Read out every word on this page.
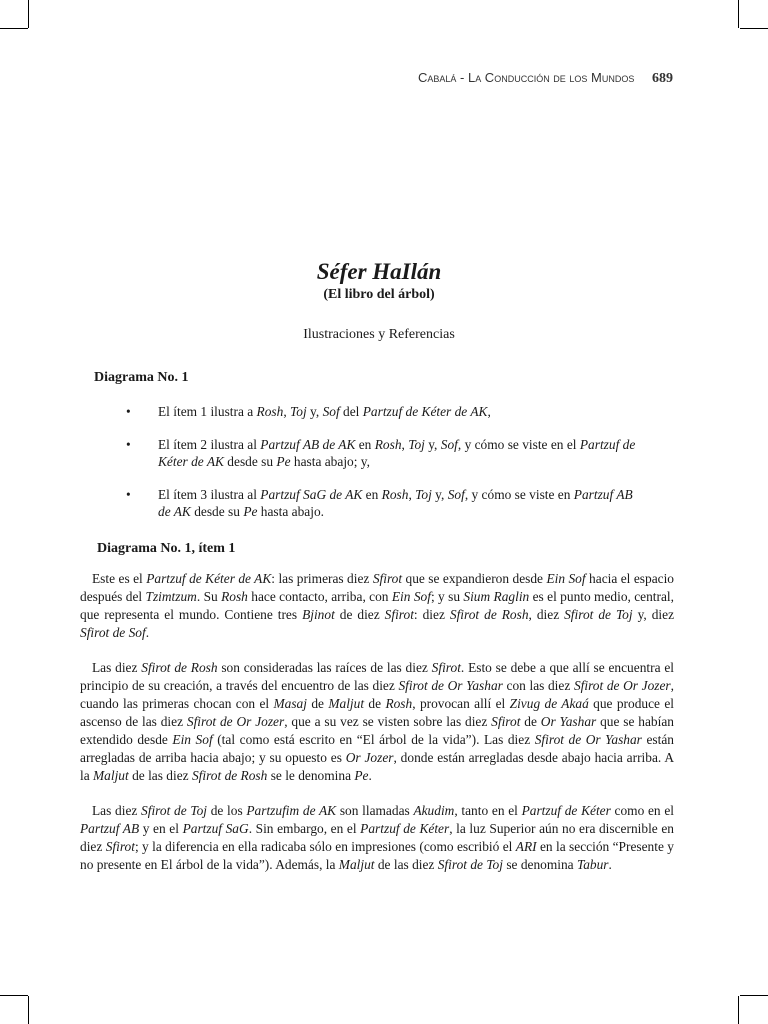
Cabalá - La Conducción de los Mundos 689
Séfer HaIlán
(El libro del árbol)
Ilustraciones y Referencias
Diagrama No. 1
• El ítem 1 ilustra a Rosh, Toj y, Sof del Partzuf de Kéter de AK,
• El ítem 2 ilustra al Partzuf AB de AK en Rosh, Toj y, Sof, y cómo se viste en el Partzuf de Kéter de AK desde su Pe hasta abajo; y,
• El ítem 3 ilustra al Partzuf SaG de AK en Rosh, Toj y, Sof, y cómo se viste en Partzuf AB de AK desde su Pe hasta abajo.
Diagrama No. 1, ítem 1

Este es el Partzuf de Kéter de AK: las primeras diez Sfirot que se expandieron desde Ein Sof hacia el espacio después del Tzimtzum. Su Rosh hace contacto, arriba, con Ein Sof; y su Sium Raglin es el punto medio, central, que representa el mundo. Contiene tres Bjinot de diez Sfirot: diez Sfirot de Rosh, diez Sfirot de Toj y, diez Sfirot de Sof.

Las diez Sfirot de Rosh son consideradas las raíces de las diez Sfirot. Esto se debe a que allí se encuentra el principio de su creación, a través del encuentro de las diez Sfirot de Or Yashar con las diez Sfirot de Or Jozer, cuando las primeras chocan con el Masaj de Maljut de Rosh, provocan allí el Zivug de Akaá que produce el ascenso de las diez Sfirot de Or Jozer, que a su vez se visten sobre las diez Sfirot de Or Yashar que se habían extendido desde Ein Sof (tal como está escrito en “El árbol de la vida”). Las diez Sfirot de Or Yashar están arregladas de arriba hacia abajo; y su opuesto es Or Jozer, donde están arregladas desde abajo hacia arriba. A la Maljut de las diez Sfirot de Rosh se le denomina Pe.

Las diez Sfirot de Toj de los Partzufim de AK son llamadas Akudim, tanto en el Partzuf de Kéter como en el Partzuf AB y en el Partzuf SaG. Sin embargo, en el Partzuf de Kéter, la luz Superior aún no era discernible en diez Sfirot; y la diferencia en ella radicaba sólo en impresiones (como escribió el ARI en la sección “Presente y no presente en El árbol de la vida”). Además, la Maljut de las diez Sfirot de Toj se denomina Tabur.
